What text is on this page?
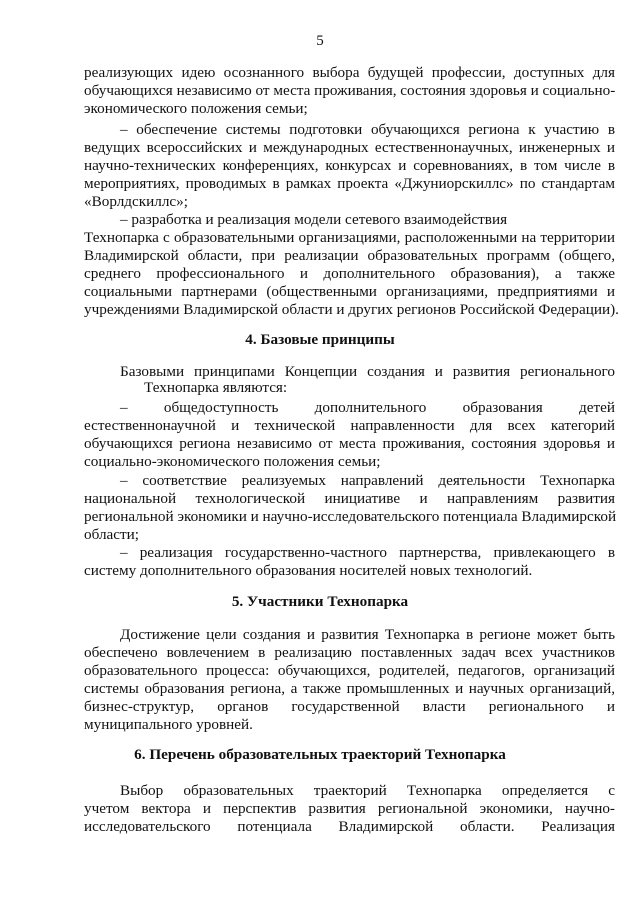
5
реализующих идею осознанного выбора будущей профессии, доступных для
обучающихся независимо от места проживания, состояния здоровья и социально-
экономического положения семьи;
– обеспечение системы подготовки обучающихся региона к участию в
ведущих всероссийских и международных естественнонаучных, инженерных и
научно-технических конференциях, конкурсах и соревнованиях, в том числе в
мероприятиях, проводимых в рамках проекта «Джуниорскиллс» по стандартам
«Ворлдскиллс»;
– разработка и реализация модели сетевого взаимодействия
Технопарка с образовательными организациями, расположенными на территории
Владимирской области, при реализации образовательных программ (общего,
среднего профессионального и дополнительного образования), а также
социальными партнерами (общественными организациями, предприятиями и
учреждениями Владимирской области и других регионов Российской Федерации).
4. Базовые принципы
Базовыми принципами Концепции создания и развития регионального
Технопарка являются:
– общедоступность дополнительного образования детей
естественнонаучной и технической направленности для всех категорий
обучающихся региона независимо от места проживания, состояния здоровья и
социально-экономического положения семьи;
– соответствие реализуемых направлений деятельности Технопарка
национальной технологической инициативе и направлениям развития
региональной экономики и научно-исследовательского потенциала Владимирской
области;
– реализация государственно-частного партнерства, привлекающего в
систему дополнительного образования носителей новых технологий.
5. Участники Технопарка
Достижение цели создания и развития Технопарка в регионе может быть
обеспечено вовлечением в реализацию поставленных задач всех участников
образовательного процесса: обучающихся, родителей, педагогов, организаций
системы образования региона, а также промышленных и научных организаций,
бизнес-структур, органов государственной власти регионального и
муниципального уровней.
6. Перечень образовательных траекторий Технопарка
Выбор образовательных траекторий Технопарка определяется с
учетом вектора и перспектив развития региональной экономики, научно-
исследовательского потенциала Владимирской области. Реализация
